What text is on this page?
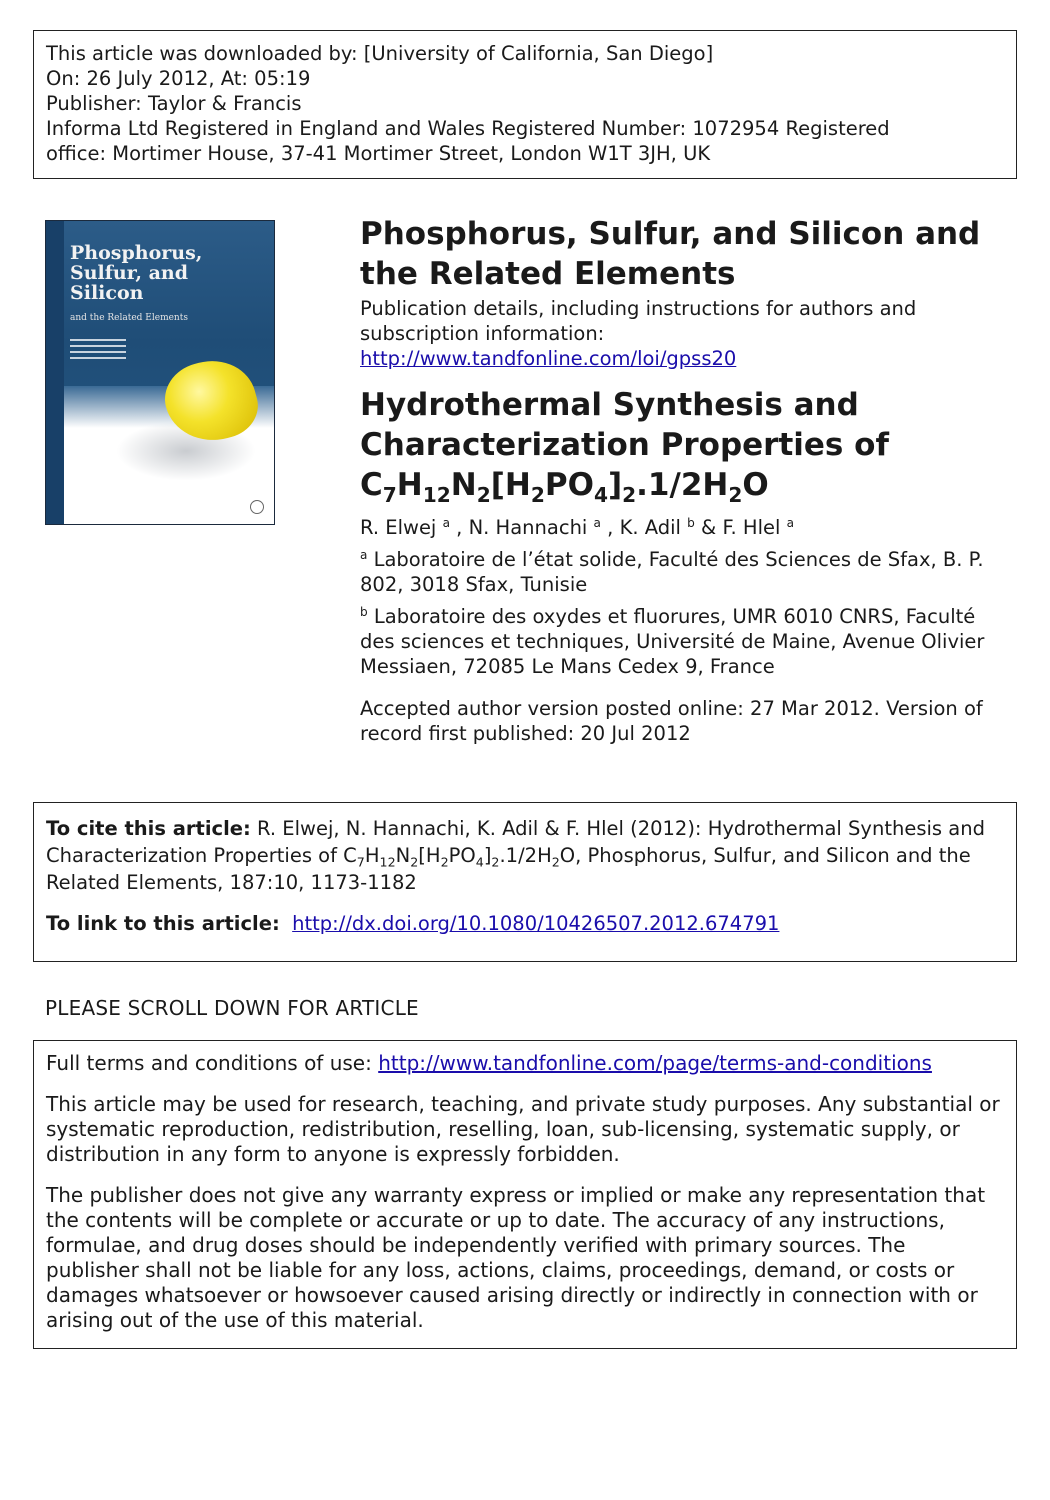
This article was downloaded by: [University of California, San Diego]
On: 26 July 2012, At: 05:19
Publisher: Taylor & Francis
Informa Ltd Registered in England and Wales Registered Number: 1072954 Registered
office: Mortimer House, 37-41 Mortimer Street, London W1T 3JH, UK
Phosphorus, Sulfur, and Silicon
and the Related Elements
Phosphorus, Sulfur, and Silicon and the Related Elements
Publication details, including instructions for authors and subscription information:
http://www.tandfonline.com/loi/gpss20
Hydrothermal Synthesis and Characterization Properties of
$C_7H_{12}N_2[H_2PO_4]_2.1/2H_2O$
R. Elwej $^a$ , N. Hannachi $^a$ , K. Adil $^b$ & F. Hlel $^a$
$^a$ Laboratoire de l’état solide, Faculté des Sciences de Sfax, B. P. 802, 3018 Sfax, Tunisie
$^b$ Laboratoire des oxydes et fluorures, UMR 6010 CNRS, Faculté des sciences et techniques, Université de Maine, Avenue Olivier Messiaen, 72085 Le Mans Cedex 9, France
Accepted author version posted online: 27 Mar 2012. Version of record first published: 20 Jul 2012
To cite this article: R. Elwej, N. Hannachi, K. Adil & F. Hlel (2012): Hydrothermal Synthesis and Characterization Properties of $C_7H_{12}N_2[H_2PO_4]_2.1/2H_2O$, Phosphorus, Sulfur, and Silicon and the Related Elements, 187:10, 1173-1182
To link to this article: http://dx.doi.org/10.1080/10426507.2012.674791
PLEASE SCROLL DOWN FOR ARTICLE

Full terms and conditions of use: http://www.tandfonline.com/page/terms-and-conditions

This article may be used for research, teaching, and private study purposes. Any substantial or systematic reproduction, redistribution, reselling, loan, sub-licensing, systematic supply, or distribution in any form to anyone is expressly forbidden.

The publisher does not give any warranty express or implied or make any representation that the contents will be complete or accurate or up to date. The accuracy of any instructions, formulae, and drug doses should be independently verified with primary sources. The publisher shall not be liable for any loss, actions, claims, proceedings, demand, or costs or damages whatsoever or howsoever caused arising directly or indirectly in connection with or arising out of the use of this material.
